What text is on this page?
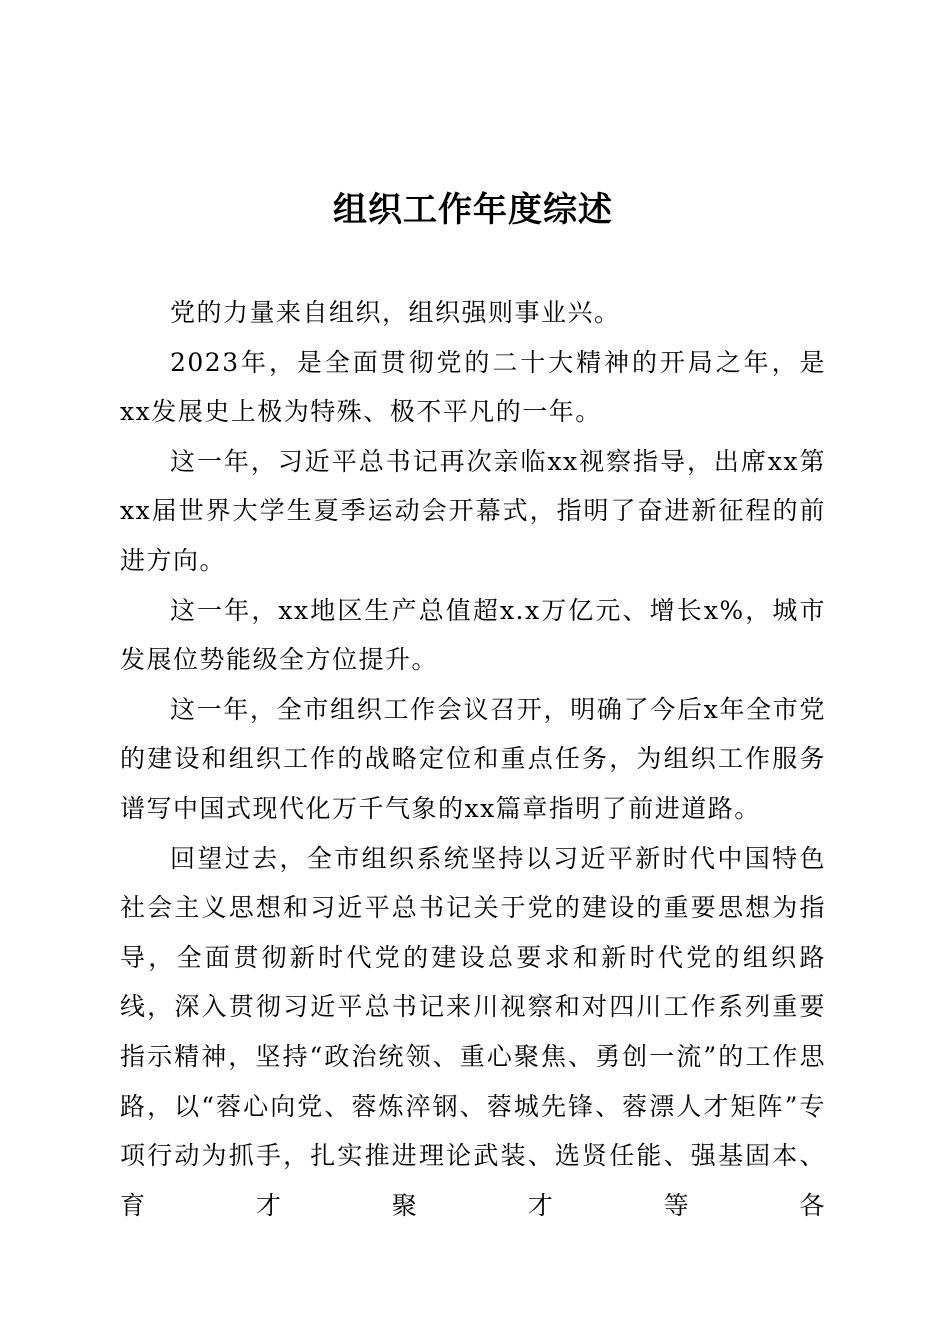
组织工作年度综述

党的力量来自组织，组织强则事业兴。

2023年，是全面贯彻党的二十大精神的开局之年，是xx发展史上极为特殊、极不平凡的一年。

这一年，习近平总书记再次亲临xx视察指导，出席xx第xx届世界大学生夏季运动会开幕式，指明了奋进新征程的前进方向。

这一年，xx地区生产总值超x.x万亿元、增长x%，城市发展位势能级全方位提升。

这一年，全市组织工作会议召开，明确了今后x年全市党的建设和组织工作的战略定位和重点任务，为组织工作服务谱写中国式现代化万千气象的xx篇章指明了前进道路。

回望过去，全市组织系统坚持以习近平新时代中国特色社会主义思想和习近平总书记关于党的建设的重要思想为指导，全面贯彻新时代党的建设总要求和新时代党的组织路线，深入贯彻习近平总书记来川视察和对四川工作系列重要指示精神，坚持“政治统领、重心聚焦、勇创一流”的工作思路，以“蓉心向党、蓉炼淬钢、蓉城先锋、蓉漂人才矩阵”专项行动为抓手，扎实推进理论武装、选贤任能、强基固本、育才聚才等各
